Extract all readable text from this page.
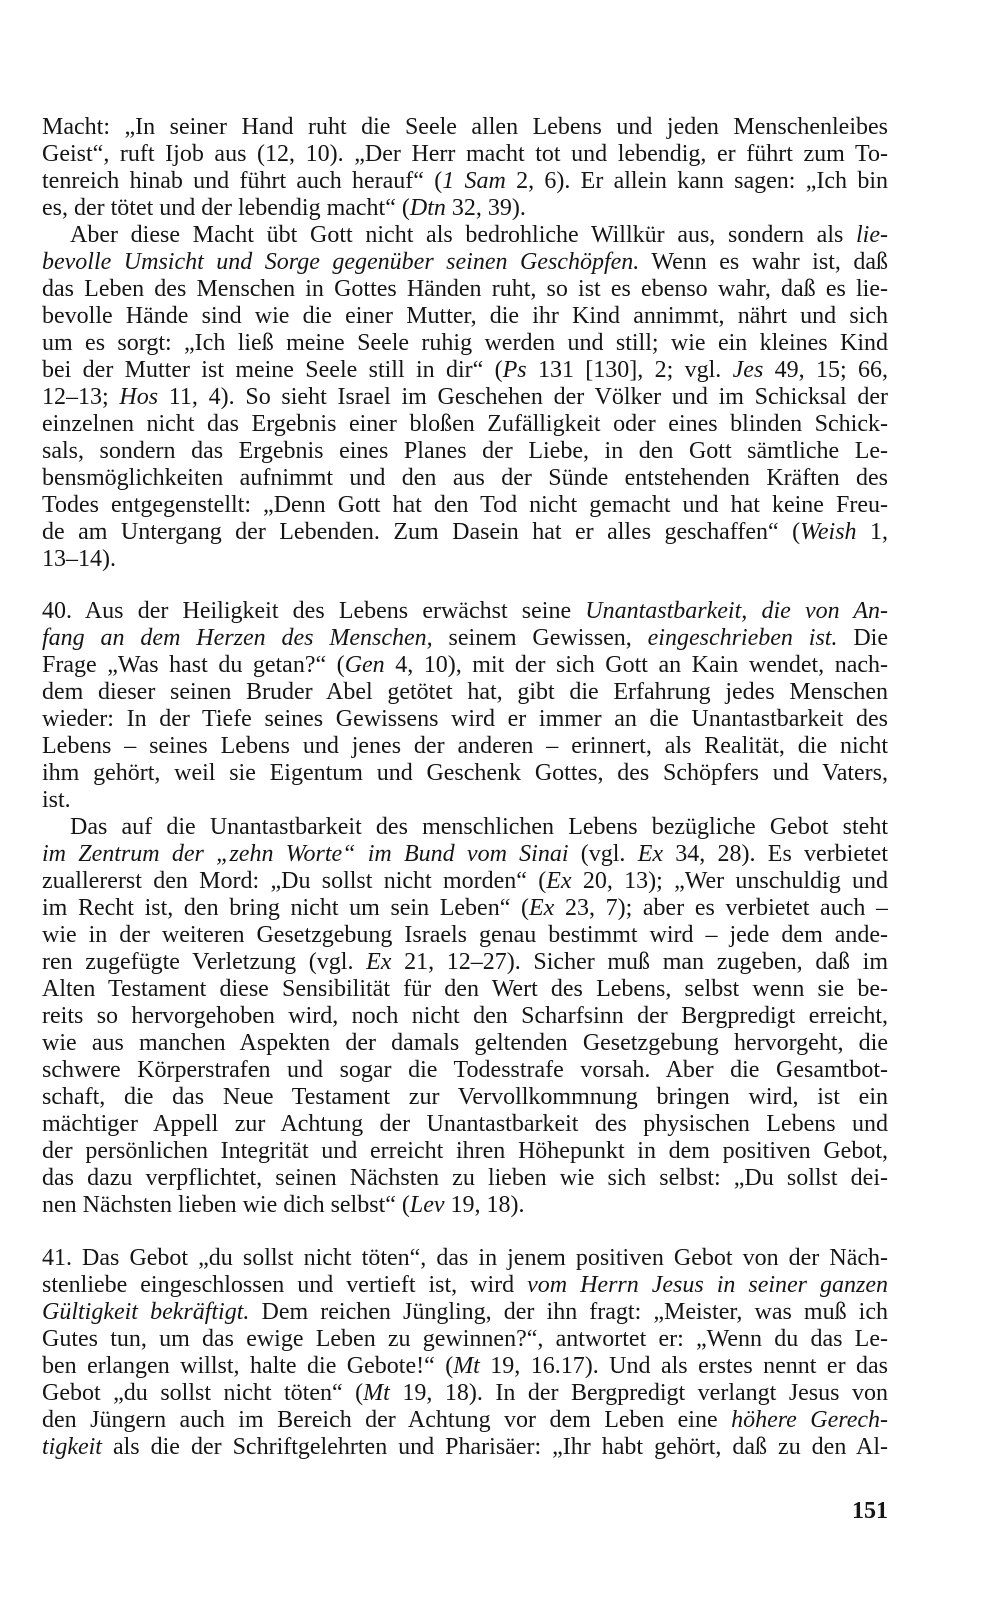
Macht: „In seiner Hand ruht die Seele allen Lebens und jeden Menschenleibes
Geist“, ruft Ijob aus (12, 10). „Der Herr macht tot und lebendig, er führt zum To-
tenreich hinab und führt auch herauf“ (1 Sam 2, 6). Er allein kann sagen: „Ich bin
es, der tötet und der lebendig macht“ (Dtn 32, 39).
Aber diese Macht übt Gott nicht als bedrohliche Willkür aus, sondern als lie-
bevolle Umsicht und Sorge gegenüber seinen Geschöpfen. Wenn es wahr ist, daß
das Leben des Menschen in Gottes Händen ruht, so ist es ebenso wahr, daß es lie-
bevolle Hände sind wie die einer Mutter, die ihr Kind annimmt, nährt und sich
um es sorgt: „Ich ließ meine Seele ruhig werden und still; wie ein kleines Kind
bei der Mutter ist meine Seele still in dir“ (Ps 131 [130], 2; vgl. Jes 49, 15; 66,
12–13; Hos 11, 4). So sieht Israel im Geschehen der Völker und im Schicksal der
einzelnen nicht das Ergebnis einer bloßen Zufälligkeit oder eines blinden Schick-
sals, sondern das Ergebnis eines Planes der Liebe, in den Gott sämtliche Le-
bensmöglichkeiten aufnimmt und den aus der Sünde entstehenden Kräften des
Todes entgegenstellt: „Denn Gott hat den Tod nicht gemacht und hat keine Freu-
de am Untergang der Lebenden. Zum Dasein hat er alles geschaffen“ (Weish 1,
13–14).
40. Aus der Heiligkeit des Lebens erwächst seine Unantastbarkeit, die von An-
fang an dem Herzen des Menschen, seinem Gewissen, eingeschrieben ist. Die
Frage „Was hast du getan?“ (Gen 4, 10), mit der sich Gott an Kain wendet, nach-
dem dieser seinen Bruder Abel getötet hat, gibt die Erfahrung jedes Menschen
wieder: In der Tiefe seines Gewissens wird er immer an die Unantastbarkeit des
Lebens – seines Lebens und jenes der anderen – erinnert, als Realität, die nicht
ihm gehört, weil sie Eigentum und Geschenk Gottes, des Schöpfers und Vaters,
ist.
Das auf die Unantastbarkeit des menschlichen Lebens bezügliche Gebot steht
im Zentrum der „zehn Worte“ im Bund vom Sinai (vgl. Ex 34, 28). Es verbietet
zuallererst den Mord: „Du sollst nicht morden“ (Ex 20, 13); „Wer unschuldig und
im Recht ist, den bring nicht um sein Leben“ (Ex 23, 7); aber es verbietet auch –
wie in der weiteren Gesetzgebung Israels genau bestimmt wird – jede dem ande-
ren zugefügte Verletzung (vgl. Ex 21, 12–27). Sicher muß man zugeben, daß im
Alten Testament diese Sensibilität für den Wert des Lebens, selbst wenn sie be-
reits so hervorgehoben wird, noch nicht den Scharfsinn der Bergpredigt erreicht,
wie aus manchen Aspekten der damals geltenden Gesetzgebung hervorgeht, die
schwere Körperstrafen und sogar die Todesstrafe vorsah. Aber die Gesamtbot-
schaft, die das Neue Testament zur Vervollkommnung bringen wird, ist ein
mächtiger Appell zur Achtung der Unantastbarkeit des physischen Lebens und
der persönlichen Integrität und erreicht ihren Höhepunkt in dem positiven Gebot,
das dazu verpflichtet, seinen Nächsten zu lieben wie sich selbst: „Du sollst dei-
nen Nächsten lieben wie dich selbst“ (Lev 19, 18).
41. Das Gebot „du sollst nicht töten“, das in jenem positiven Gebot von der Näch-
stenliebe eingeschlossen und vertieft ist, wird vom Herrn Jesus in seiner ganzen
Gültigkeit bekräftigt. Dem reichen Jüngling, der ihn fragt: „Meister, was muß ich
Gutes tun, um das ewige Leben zu gewinnen?“, antwortet er: „Wenn du das Le-
ben erlangen willst, halte die Gebote!“ (Mt 19, 16.17). Und als erstes nennt er das
Gebot „du sollst nicht töten“ (Mt 19, 18). In der Bergpredigt verlangt Jesus von
den Jüngern auch im Bereich der Achtung vor dem Leben eine höhere Gerech-
tigkeit als die der Schriftgelehrten und Pharisäer: „Ihr habt gehört, daß zu den Al-
151
